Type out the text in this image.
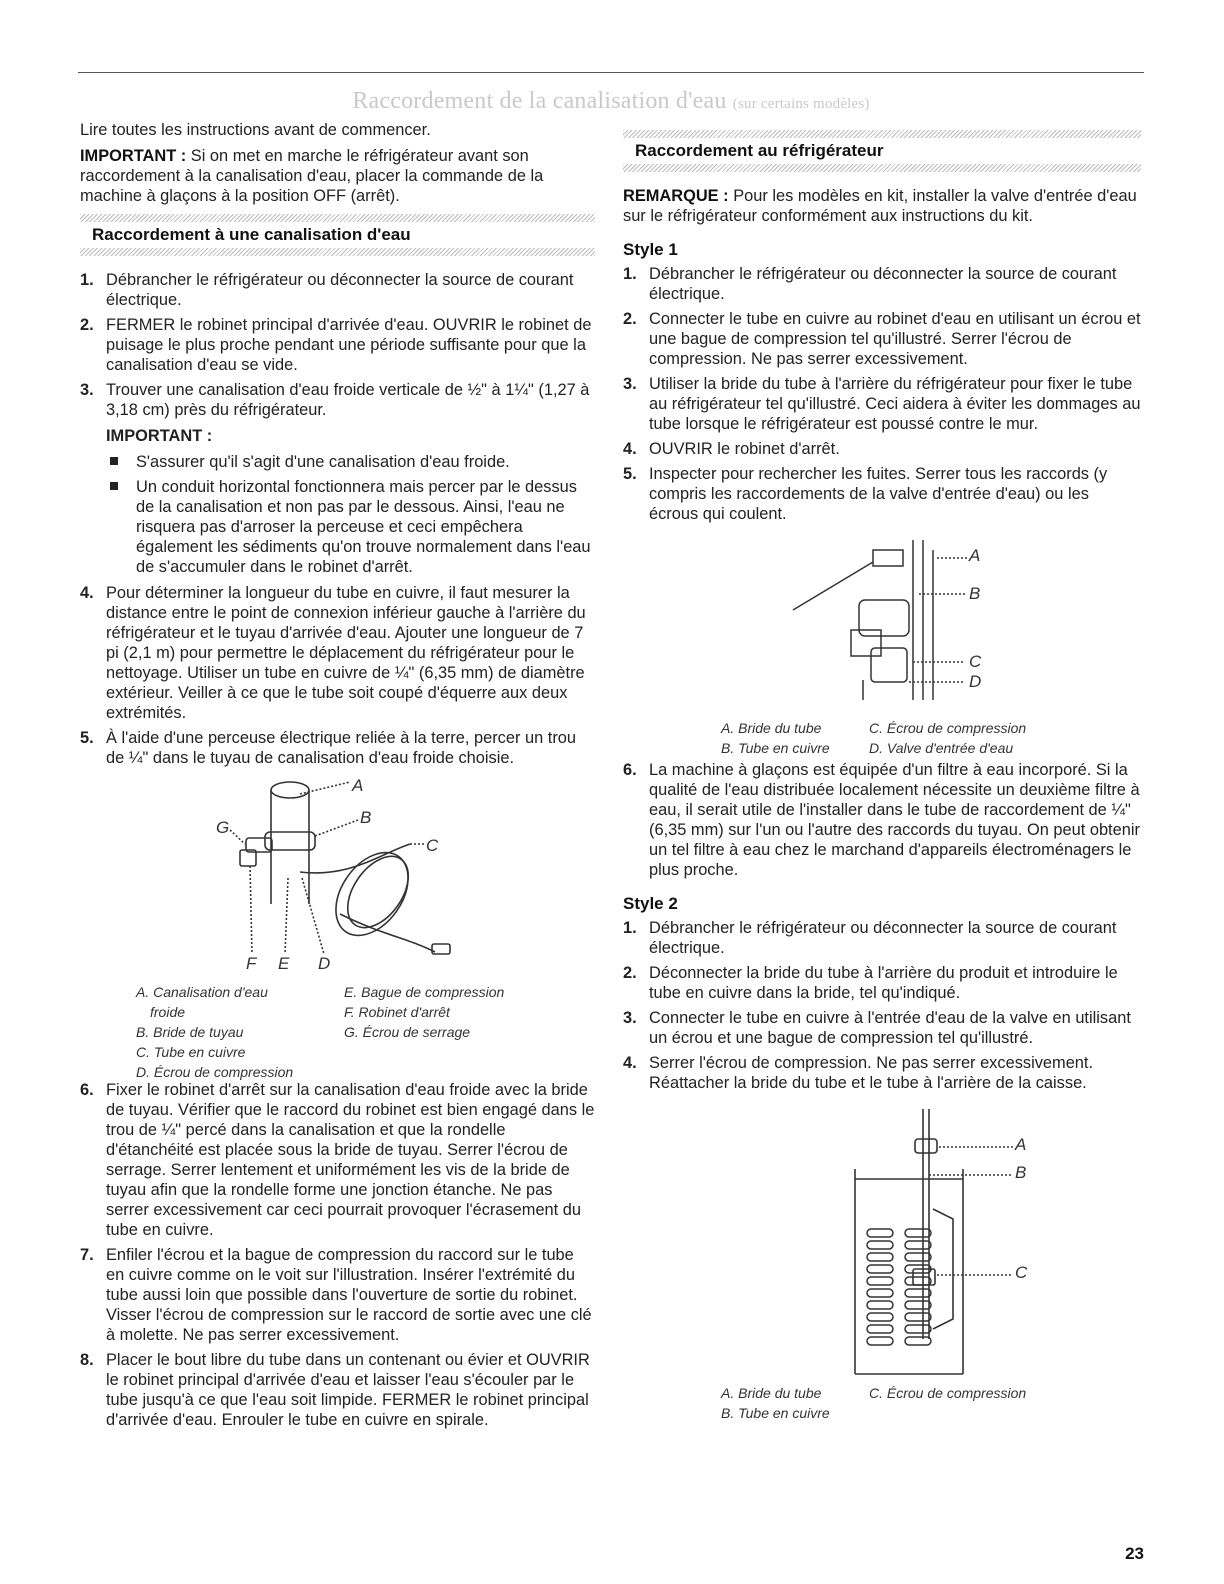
Raccordement de la canalisation d'eau (sur certains modèles)

Lire toutes les instructions avant de commencer.

IMPORTANT : Si on met en marche le réfrigérateur avant son raccordement à la canalisation d'eau, placer la commande de la machine à glaçons à la position OFF (arrêt).

Raccordement à une canalisation d'eau
1. Débrancher le réfrigérateur ou déconnecter la source de courant électrique.
2. FERMER le robinet principal d'arrivée d'eau. OUVRIR le robinet de puisage le plus proche pendant une période suffisante pour que la canalisation d'eau se vide.
3. Trouver une canalisation d'eau froide verticale de ½" à 1¼" (1,27 à 3,18 cm) près du réfrigérateur.
IMPORTANT :
S'assurer qu'il s'agit d'une canalisation d'eau froide.
Un conduit horizontal fonctionnera mais percer par le dessus de la canalisation et non pas par le dessous. Ainsi, l'eau ne risquera pas d'arroser la perceuse et ceci empêchera également les sédiments qu'on trouve normalement dans l'eau de s'accumuler dans le robinet d'arrêt.
4. Pour déterminer la longueur du tube en cuivre, il faut mesurer la distance entre le point de connexion inférieur gauche à l'arrière du réfrigérateur et le tuyau d'arrivée d'eau. Ajouter une longueur de 7 pi (2,1 m) pour permettre le déplacement du réfrigérateur pour le nettoyage. Utiliser un tube en cuivre de ¼" (6,35 mm) de diamètre extérieur. Veiller à ce que le tube soit coupé d'équerre aux deux extrémités.
5. À l'aide d'une perceuse électrique reliée à la terre, percer un trou de ¼" dans le tuyau de canalisation d'eau froide choisie.
A
B
C
D
E
F
G
A. Canalisation d'eau
froide
B. Bride de tuyau
C. Tube en cuivre
D. Écrou de compression
E. Bague de compression
F. Robinet d'arrêt
G. Écrou de serrage
6. Fixer le robinet d'arrêt sur la canalisation d'eau froide avec la bride de tuyau. Vérifier que le raccord du robinet est bien engagé dans le trou de ¼" percé dans la canalisation et que la rondelle d'étanchéité est placée sous la bride de tuyau. Serrer l'écrou de serrage. Serrer lentement et uniformément les vis de la bride de tuyau afin que la rondelle forme une jonction étanche. Ne pas serrer excessivement car ceci pourrait provoquer l'écrasement du tube en cuivre.
7. Enfiler l'écrou et la bague de compression du raccord sur le tube en cuivre comme on le voit sur l'illustration. Insérer l'extrémité du tube aussi loin que possible dans l'ouverture de sortie du robinet. Visser l'écrou de compression sur le raccord de sortie avec une clé à molette. Ne pas serrer excessivement.
8. Placer le bout libre du tube dans un contenant ou évier et OUVRIR le robinet principal d'arrivée d'eau et laisser l'eau s'écouler par le tube jusqu'à ce que l'eau soit limpide. FERMER le robinet principal d'arrivée d'eau. Enrouler le tube en cuivre en spirale.
Raccordement au réfrigérateur

REMARQUE : Pour les modèles en kit, installer la valve d'entrée d'eau sur le réfrigérateur conformément aux instructions du kit.

Style 1
1. Débrancher le réfrigérateur ou déconnecter la source de courant électrique.
2. Connecter le tube en cuivre au robinet d'eau en utilisant un écrou et une bague de compression tel qu'illustré. Serrer l'écrou de compression. Ne pas serrer excessivement.
3. Utiliser la bride du tube à l'arrière du réfrigérateur pour fixer le tube au réfrigérateur tel qu'illustré. Ceci aidera à éviter les dommages au tube lorsque le réfrigérateur est poussé contre le mur.
4. OUVRIR le robinet d'arrêt.
5. Inspecter pour rechercher les fuites. Serrer tous les raccords (y compris les raccordements de la valve d'entrée d'eau) ou les écrous qui coulent.
A
B
C
D
A. Bride du tube
B. Tube en cuivre
C. Écrou de compression
D. Valve d'entrée d'eau
6. La machine à glaçons est équipée d'un filtre à eau incorporé. Si la qualité de l'eau distribuée localement nécessite un deuxième filtre à eau, il serait utile de l'installer dans le tube de raccordement de ¼" (6,35 mm) sur l'un ou l'autre des raccords du tuyau. On peut obtenir un tel filtre à eau chez le marchand d'appareils électroménagers le plus proche.
Style 2
1. Débrancher le réfrigérateur ou déconnecter la source de courant électrique.
2. Déconnecter la bride du tube à l'arrière du produit et introduire le tube en cuivre dans la bride, tel qu'indiqué.
3. Connecter le tube en cuivre à l'entrée d'eau de la valve en utilisant un écrou et une bague de compression tel qu'illustré.
4. Serrer l'écrou de compression. Ne pas serrer excessivement. Réattacher la bride du tube et le tube à l'arrière de la caisse.
A
B
C
A. Bride du tube
B. Tube en cuivre
C. Écrou de compression
23
